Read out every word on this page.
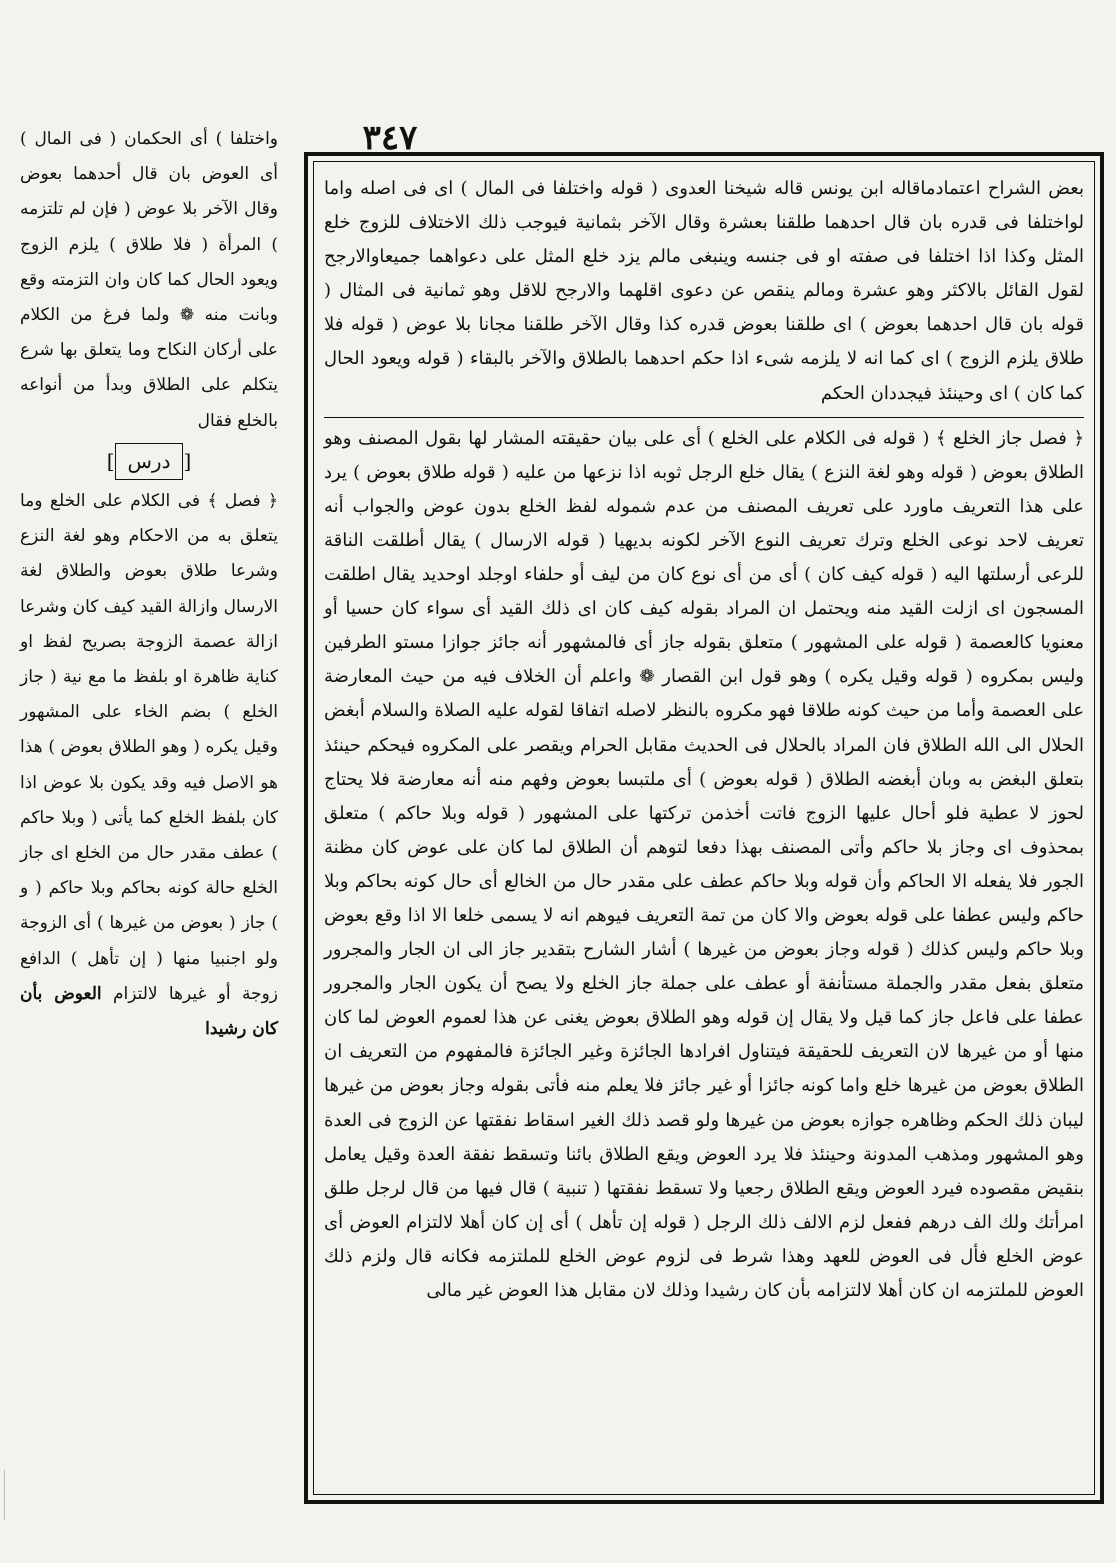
٣٤٧

واختلفا ) أى الحكمان ( فى المال ) أى العوض بان قال أحدهما بعوض وقال الآخر بلا عوض ( فإن لم تلتزمه ) المرأة ( فلا طلاق ) يلزم الزوج ويعود الحال كما كان وان التزمته وقع وبانت منه ❁ ولما فرغ من الكلام على أركان النكاح وما يتعلق بها شرع يتكلم على الطلاق وبدأ من أنواعه بالخلع فقال

[درس]

﴿ فصل ﴾ فى الكلام على الخلع وما يتعلق به من الاحكام وهو لغة النزع وشرعا طلاق بعوض والطلاق لغة الارسال وازالة القيد كيف كان وشرعا ازالة عصمة الزوجة بصريح لفظ او كناية ظاهرة او بلفظ ما مع نية ( جاز الخلع ) بضم الخاء على المشهور وقيل يكره ( وهو الطلاق بعوض ) هذا هو الاصل فيه وقد يكون بلا عوض اذا كان بلفظ الخلع كما يأتى ( وبلا حاكم ) عطف مقدر حال من الخلع اى جاز الخلع حالة كونه بحاكم وبلا حاكم ( و ) جاز ( بعوض من غيرها ) أى الزوجة ولو اجنبيا منها ( إن تأهل ) الدافع زوجة أو غيرها لالتزام العوض بأن كان رشيدا

بعض الشراح اعتمادماقاله ابن يونس قاله شيخنا العدوى ( قوله واختلفا فى المال ) اى فى اصله واما لواختلفا فى قدره بان قال احدهما طلقنا بعشرة وقال الآخر بثمانية فيوجب ذلك الاختلاف للزوج خلع المثل وكذا اذا اختلفا فى صفته او فى جنسه وينبغى مالم يزد خلع المثل على دعواهما جميعاوالارجح لقول القائل بالاكثر وهو عشرة ومالم ينقص عن دعوى اقلهما والارجح للاقل وهو ثمانية فى المثال ( قوله بان قال احدهما بعوض ) اى طلقنا بعوض قدره كذا وقال الآخر طلقنا مجانا بلا عوض ( قوله فلا طلاق يلزم الزوج ) اى كما انه لا يلزمه شىء اذا حكم احدهما بالطلاق والآخر بالبقاء ( قوله ويعود الحال كما كان ) اى وحينئذ فيجددان الحكم

﴿ فصل جاز الخلع ﴾ ( قوله فى الكلام على الخلع ) أى على بيان حقيقته المشار لها بقول المصنف وهو الطلاق بعوض ( قوله وهو لغة النزع ) يقال خلع الرجل ثوبه اذا نزعها من عليه ( قوله طلاق بعوض ) يرد على هذا التعريف ماورد على تعريف المصنف من عدم شموله لفظ الخلع بدون عوض والجواب أنه تعريف لاحد نوعى الخلع وترك تعريف النوع الآخر لكونه بديهيا ( قوله الارسال ) يقال أطلقت الناقة للرعى أرسلتها اليه ( قوله كيف كان ) أى من أى نوع كان من ليف أو حلفاء اوجلد اوحديد يقال اطلقت المسجون اى ازلت القيد منه ويحتمل ان المراد بقوله كيف كان اى ذلك القيد أى سواء كان حسيا أو معنويا كالعصمة ( قوله على المشهور ) متعلق بقوله جاز أى فالمشهور أنه جائز جوازا مستو الطرفين وليس بمكروه ( قوله وقيل يكره ) وهو قول ابن القصار ❁ واعلم أن الخلاف فيه من حيث المعارضة على العصمة وأما من حيث كونه طلاقا فهو مكروه بالنظر لاصله اتفاقا لقوله عليه الصلاة والسلام أبغض الحلال الى الله الطلاق فان المراد بالحلال فى الحديث مقابل الحرام ويقصر على المكروه فيحكم حينئذ بتعلق البغض به وبان أبغضه الطلاق ( قوله بعوض ) أى ملتبسا بعوض وفهم منه أنه معارضة فلا يحتاج لحوز لا عطية فلو أحال عليها الزوج فاتت أخذمن تركتها على المشهور ( قوله وبلا حاكم ) متعلق بمحذوف اى وجاز بلا حاكم وأتى المصنف بهذا دفعا لتوهم أن الطلاق لما كان على عوض كان مظنة الجور فلا يفعله الا الحاكم وأن قوله وبلا حاكم عطف على مقدر حال من الخالع أى حال كونه بحاكم وبلا حاكم وليس عطفا على قوله بعوض والا كان من تمة التعريف فيوهم انه لا يسمى خلعا الا اذا وقع بعوض وبلا حاكم وليس كذلك ( قوله وجاز بعوض من غيرها ) أشار الشارح بتقدير جاز الى ان الجار والمجرور متعلق بفعل مقدر والجملة مستأنفة أو عطف على جملة جاز الخلع ولا يصح أن يكون الجار والمجرور عطفا على فاعل جاز كما قيل ولا يقال إن قوله وهو الطلاق بعوض يغنى عن هذا لعموم العوض لما كان منها أو من غيرها لان التعريف للحقيقة فيتناول افرادها الجائزة وغير الجائزة فالمفهوم من التعريف ان الطلاق بعوض من غيرها خلع واما كونه جائزا أو غير جائز فلا يعلم منه فأتى بقوله وجاز بعوض من غيرها ليبان ذلك الحكم وظاهره جوازه بعوض من غيرها ولو قصد ذلك الغير اسقاط نفقتها عن الزوج فى العدة وهو المشهور ومذهب المدونة وحينئذ فلا يرد العوض ويقع الطلاق بائنا وتسقط نفقة العدة وقيل يعامل بنقيض مقصوده فيرد العوض ويقع الطلاق رجعيا ولا تسقط نفقتها ( تنبية ) قال فيها من قال لرجل طلق امرأتك ولك الف درهم ففعل لزم الالف ذلك الرجل ( قوله إن تأهل ) أى إن كان أهلا لالتزام العوض أى عوض الخلع فأل فى العوض للعهد وهذا شرط فى لزوم عوض الخلع للملتزمه فكانه قال ولزم ذلك العوض للملتزمه ان كان أهلا لالتزامه بأن كان رشيدا وذلك لان مقابل هذا العوض غير مالى
